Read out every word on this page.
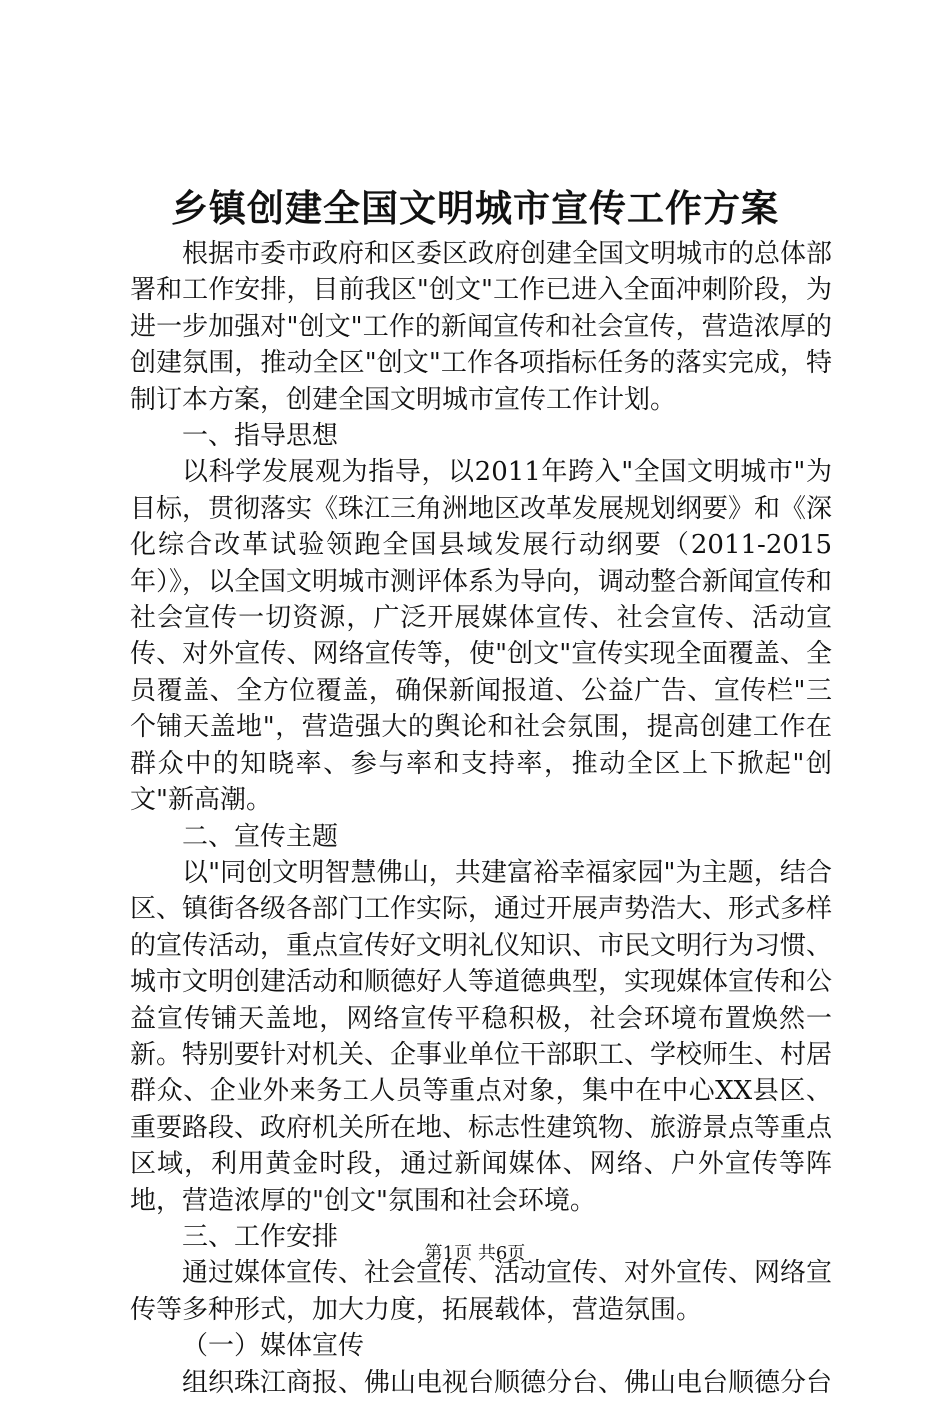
乡镇创建全国文明城市宣传工作方案

根据市委市政府和区委区政府创建全国文明城市的总体部署和工作安排，目前我区"创文"工作已进入全面冲刺阶段，为进一步加强对"创文"工作的新闻宣传和社会宣传，营造浓厚的创建氛围，推动全区"创文"工作各项指标任务的落实完成，特制订本方案，创建全国文明城市宣传工作计划。

一、指导思想

以科学发展观为指导，以2011年跨入"全国文明城市"为目标，贯彻落实《珠江三角洲地区改革发展规划纲要》和《深化综合改革试验领跑全国县域发展行动纲要（2011-2015年）》，以全国文明城市测评体系为导向，调动整合新闻宣传和社会宣传一切资源，广泛开展媒体宣传、社会宣传、活动宣传、对外宣传、网络宣传等，使"创文"宣传实现全面覆盖、全员覆盖、全方位覆盖，确保新闻报道、公益广告、宣传栏"三个铺天盖地"，营造强大的舆论和社会氛围，提高创建工作在群众中的知晓率、参与率和支持率，推动全区上下掀起"创文"新高潮。

二、宣传主题

以"同创文明智慧佛山，共建富裕幸福家园"为主题，结合区、镇街各级各部门工作实际，通过开展声势浩大、形式多样的宣传活动，重点宣传好文明礼仪知识、市民文明行为习惯、城市文明创建活动和顺德好人等道德典型，实现媒体宣传和公益宣传铺天盖地，网络宣传平稳积极，社会环境布置焕然一新。特别要针对机关、企事业单位干部职工、学校师生、村居群众、企业外来务工人员等重点对象，集中在中心XX县区、重要路段、政府机关所在地、标志性建筑物、旅游景点等重点区域，利用黄金时段，通过新闻媒体、网络、户外宣传等阵地，营造浓厚的"创文"氛围和社会环境。

三、工作安排

通过媒体宣传、社会宣传、活动宣传、对外宣传、网络宣传等多种形式，加大力度，拓展载体，营造氛围。

（一）媒体宣传

组织珠江商报、佛山电视台顺德分台、佛山电台顺德分台

第1页 共6页
